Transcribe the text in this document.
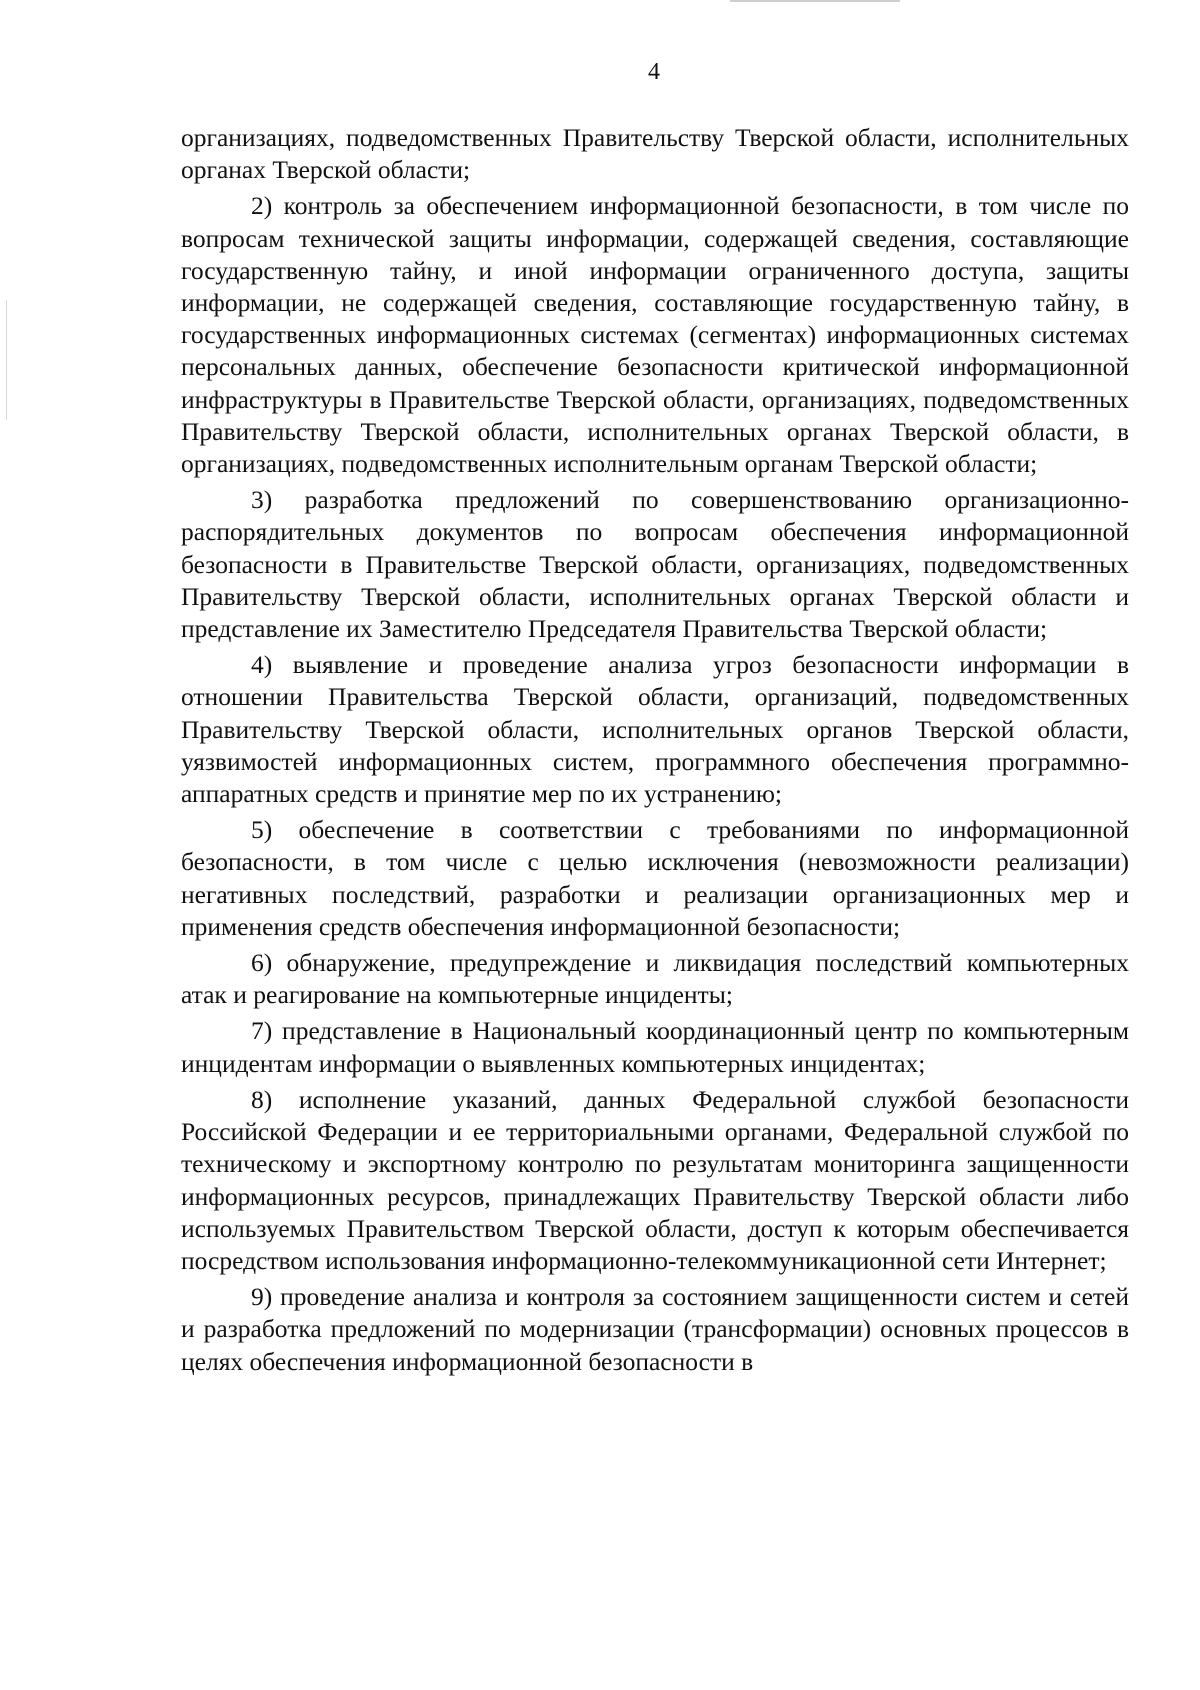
4

организациях, подведомственных Правительству Тверской области, исполнительных органах Тверской области;

2) контроль за обеспечением информационной безопасности, в том числе по вопросам технической защиты информации, содержащей сведения, составляющие государственную тайну, и иной информации ограниченного доступа, защиты информации, не содержащей сведения, составляющие государственную тайну, в государственных информационных системах (сегментах) информационных системах персональных данных, обеспечение безопасности критической информационной инфраструктуры в Правительстве Тверской области, организациях, подведомственных Правительству Тверской области, исполнительных органах Тверской области, в организациях, подведомственных исполнительным органам Тверской области;

3) разработка предложений по совершенствованию организационно-распорядительных документов по вопросам обеспечения информационной безопасности в Правительстве Тверской области, организациях, подведомственных Правительству Тверской области, исполнительных органах Тверской области и представление их Заместителю Председателя Правительства Тверской области;

4) выявление и проведение анализа угроз безопасности информации в отношении Правительства Тверской области, организаций, подведомственных Правительству Тверской области, исполнительных органов Тверской области, уязвимостей информационных систем, программного обеспечения программно-аппаратных средств и принятие мер по их устранению;

5) обеспечение в соответствии с требованиями по информационной безопасности, в том числе с целью исключения (невозможности реализации) негативных последствий, разработки и реализации организационных мер и применения средств обеспечения информационной безопасности;

6) обнаружение, предупреждение и ликвидация последствий компьютерных атак и реагирование на компьютерные инциденты;

7) представление в Национальный координационный центр по компьютерным инцидентам информации о выявленных компьютерных инцидентах;

8) исполнение указаний, данных Федеральной службой безопасности Российской Федерации и ее территориальными органами, Федеральной службой по техническому и экспортному контролю по результатам мониторинга защищенности информационных ресурсов, принадлежащих Правительству Тверской области либо используемых Правительством Тверской области, доступ к которым обеспечивается посредством использования информационно-телекоммуникационной сети Интернет;

9) проведение анализа и контроля за состоянием защищенности систем и сетей и разработка предложений по модернизации (трансформации) основных процессов в целях обеспечения информационной безопасности в
